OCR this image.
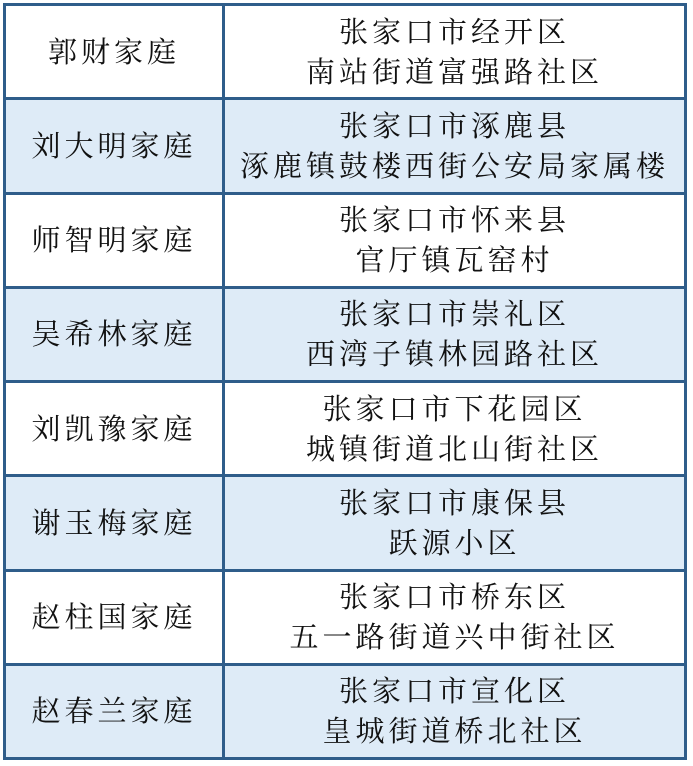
郭财家庭	张家口市经开区
南站街道富强路社区

刘大明家庭	张家口市涿鹿县
涿鹿镇鼓楼西街公安局家属楼

师智明家庭	张家口市怀来县
官厅镇瓦窑村

吴希林家庭	张家口市崇礼区
西湾子镇林园路社区

刘凯豫家庭	张家口市下花园区
城镇街道北山街社区

谢玉梅家庭	张家口市康保县
跃源小区

赵柱国家庭	张家口市桥东区
五一路街道兴中街社区

赵春兰家庭	张家口市宣化区
皇城街道桥北社区
